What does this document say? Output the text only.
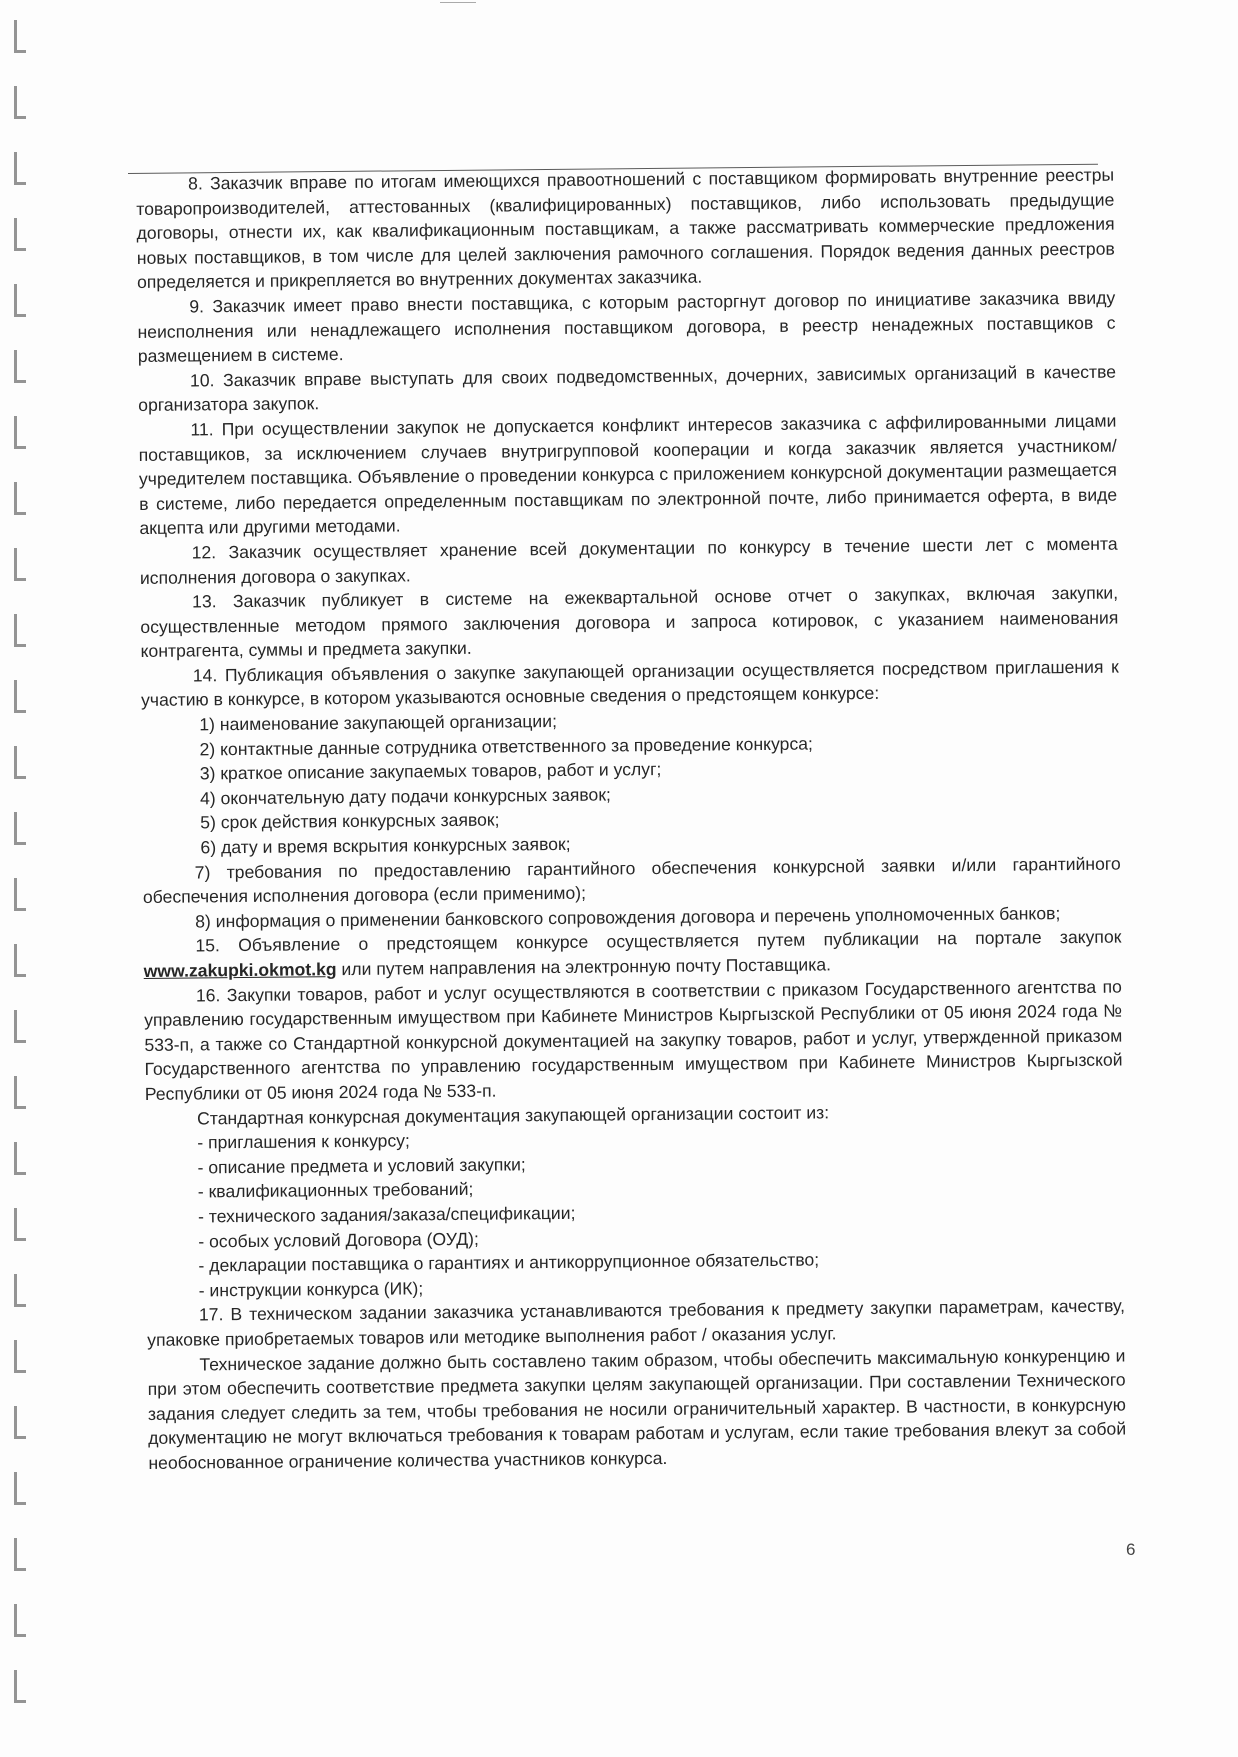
8. Заказчик вправе по итогам имеющихся правоотношений с поставщиком формировать внутренние реестры товаропроизводителей, аттестованных (квалифицированных) поставщиков, либо использовать предыдущие договоры, отнести их, как квалификационным поставщикам, а также рассматривать коммерческие предложения новых поставщиков, в том числе для целей заключения рамочного соглашения. Порядок ведения данных реестров определяется и прикрепляется во внутренних документах заказчика.

9. Заказчик имеет право внести поставщика, с которым расторгнут договор по инициативе заказчика ввиду неисполнения или ненадлежащего исполнения поставщиком договора, в реестр ненадежных поставщиков с размещением в системе.

10. Заказчик вправе выступать для своих подведомственных, дочерних, зависимых организаций в качестве организатора закупок.

11. При осуществлении закупок не допускается конфликт интересов заказчика с аффилированными лицами поставщиков, за исключением случаев внутригрупповой кооперации и когда заказчик является участником/учредителем поставщика. Объявление о проведении конкурса с приложением конкурсной документации размещается в системе, либо передается определенным поставщикам по электронной почте, либо принимается оферта, в виде акцепта или другими методами.

12. Заказчик осуществляет хранение всей документации по конкурсу в течение шести лет с момента исполнения договора о закупках.

13. Заказчик публикует в системе на ежеквартальной основе отчет о закупках, включая закупки, осуществленные методом прямого заключения договора и запроса котировок, с указанием наименования контрагента, суммы и предмета закупки.

14. Публикация объявления о закупке закупающей организации осуществляется посредством приглашения к участию в конкурсе, в котором указываются основные сведения о предстоящем конкурсе:

1) наименование закупающей организации;

2) контактные данные сотрудника ответственного за проведение конкурса;

3) краткое описание закупаемых товаров, работ и услуг;

4) окончательную дату подачи конкурсных заявок;

5) срок действия конкурсных заявок;

6) дату и время вскрытия конкурсных заявок;

7) требования по предоставлению гарантийного обеспечения конкурсной заявки и/или гарантийного обеспечения исполнения договора (если применимо);

8) информация о применении банковского сопровождения договора и перечень уполномоченных банков;

15. Объявление о предстоящем конкурсе осуществляется путем публикации на портале закупок www.zakupki.okmot.kg или путем направления на электронную почту Поставщика.

16. Закупки товаров, работ и услуг осуществляются в соответствии с приказом Государственного агентства по управлению государственным имуществом при Кабинете Министров Кыргызской Республики от 05 июня 2024 года № 533-п, а также со Стандартной конкурсной документацией на закупку товаров, работ и услуг, утвержденной приказом Государственного агентства по управлению государственным имуществом при Кабинете Министров Кыргызской Республики от 05 июня 2024 года № 533-п.

Стандартная конкурсная документация закупающей организации состоит из:

- приглашения к конкурсу;

- описание предмета и условий закупки;

- квалификационных требований;

- технического задания/заказа/спецификации;

- особых условий Договора (ОУД);

- декларации поставщика о гарантиях и антикоррупционное обязательство;

- инструкции конкурса (ИК);

17. В техническом задании заказчика устанавливаются требования к предмету закупки параметрам, качеству, упаковке приобретаемых товаров или методике выполнения работ / оказания услуг.

Техническое задание должно быть составлено таким образом, чтобы обеспечить максимальную конкуренцию и при этом обеспечить соответствие предмета закупки целям закупающей организации. При составлении Технического задания следует следить за тем, чтобы требования не носили ограничительный характер. В частности, в конкурсную документацию не могут включаться требования к товарам работам и услугам, если такие требования влекут за собой необоснованное ограничение количества участников конкурса.

6
